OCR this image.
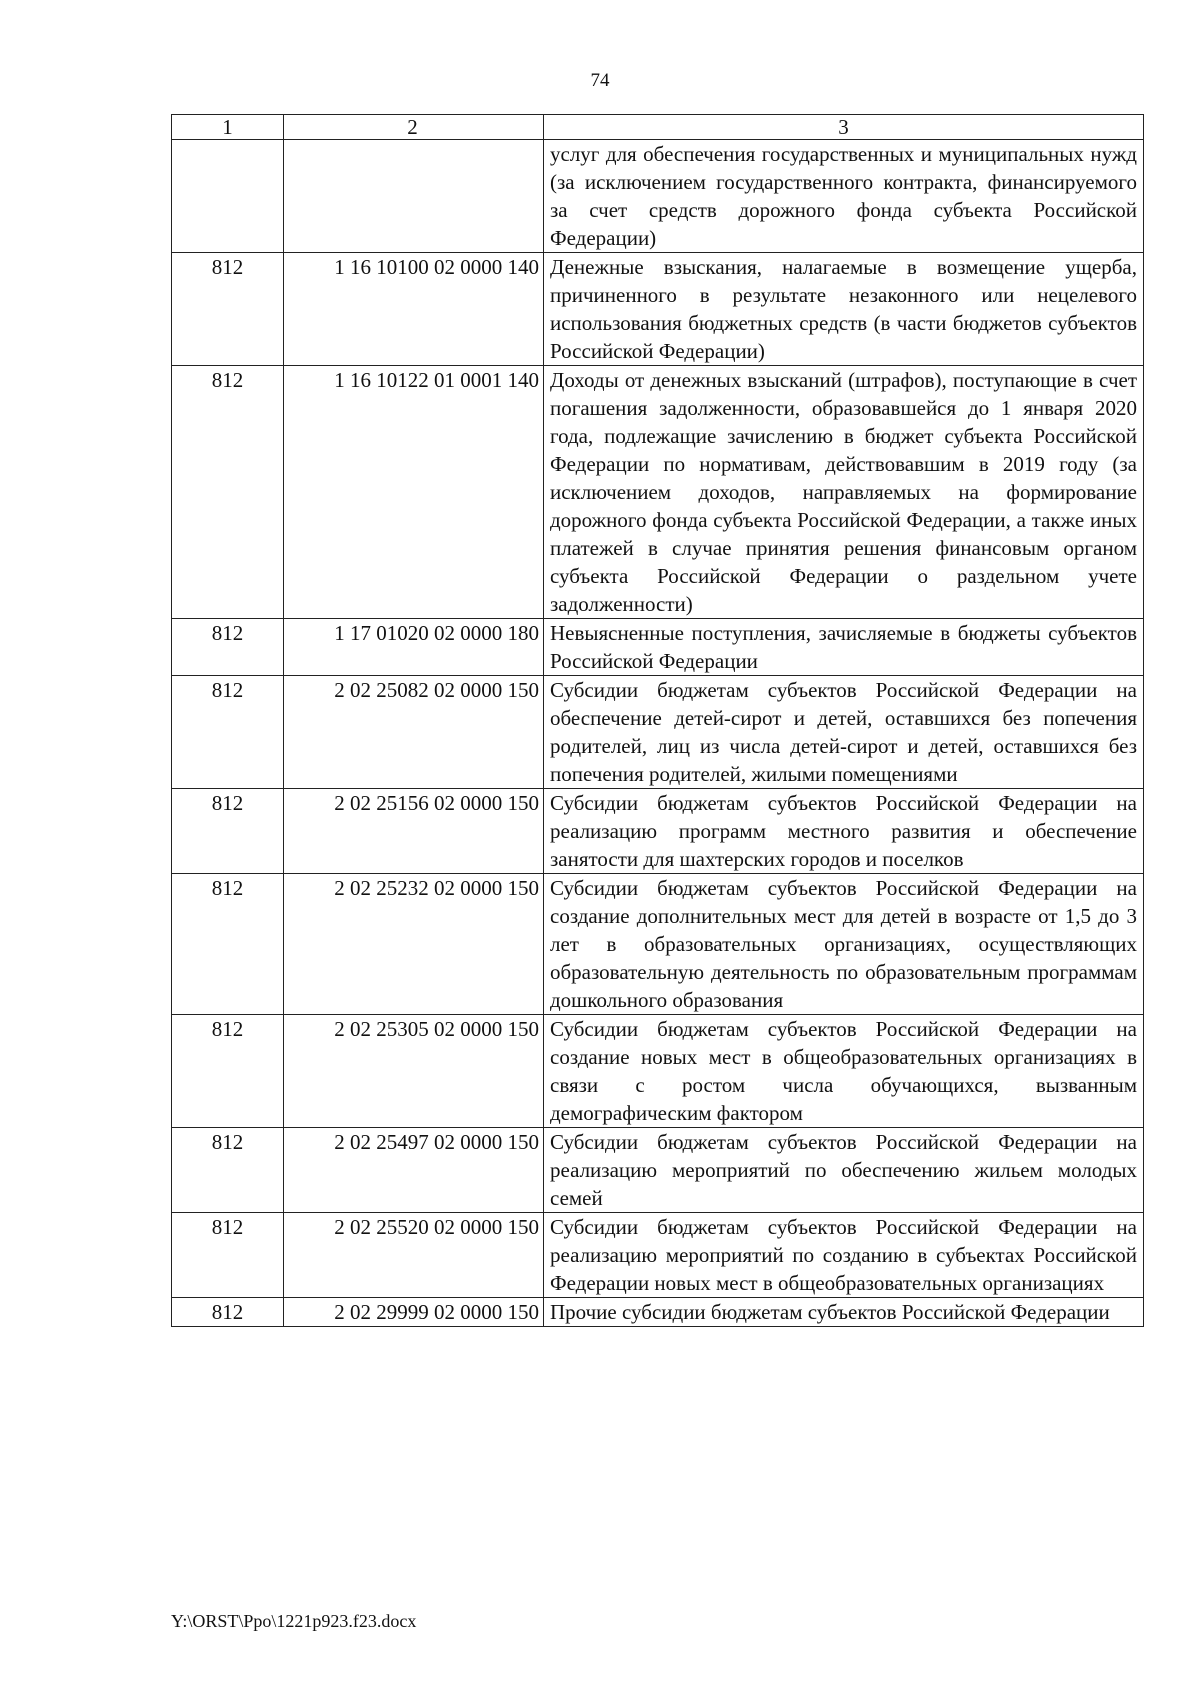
74
1	2	3
		услуг для обеспечения государственных и муниципальных нужд (за исключением государственного контракта, финансируемого за счет средств дорожного фонда субъекта Российской Федерации)
812	1 16 10100 02 0000 140	Денежные взыскания, налагаемые в возмещение ущерба, причиненного в результате незаконного или нецелевого использования бюджетных средств (в части бюджетов субъектов Российской Федерации)
812	1 16 10122 01 0001 140	Доходы от денежных взысканий (штрафов), поступающие в счет погашения задолженности, образовавшейся до 1 января 2020 года, подлежащие зачислению в бюджет субъекта Российской Федерации по нормативам, действовавшим в 2019 году (за исключением доходов, направляемых на формирование дорожного фонда субъекта Российской Федерации, а также иных платежей в случае принятия решения финансовым органом субъекта Российской Федерации о раздельном учете задолженности)
812	1 17 01020 02 0000 180	Невыясненные поступления, зачисляемые в бюджеты субъектов Российской Федерации
812	2 02 25082 02 0000 150	Субсидии бюджетам субъектов Российской Федерации на обеспечение детей-сирот и детей, оставшихся без попечения родителей, лиц из числа детей-сирот и детей, оставшихся без попечения родителей, жилыми помещениями
812	2 02 25156 02 0000 150	Субсидии бюджетам субъектов Российской Федерации на реализацию программ местного развития и обеспечение занятости для шахтерских городов и поселков
812	2 02 25232 02 0000 150	Субсидии бюджетам субъектов Российской Федерации на создание дополнительных мест для детей в возрасте от 1,5 до 3 лет в образовательных организациях, осуществляющих образовательную деятельность по образовательным программам дошкольного образования
812	2 02 25305 02 0000 150	Субсидии бюджетам субъектов Российской Федерации на создание новых мест в общеобразовательных организациях в связи с ростом числа обучающихся, вызванным демографическим фактором
812	2 02 25497 02 0000 150	Субсидии бюджетам субъектов Российской Федерации на реализацию мероприятий по обеспечению жильем молодых семей
812	2 02 25520 02 0000 150	Субсидии бюджетам субъектов Российской Федерации на реализацию мероприятий по созданию в субъектах Российской Федерации новых мест в общеобразовательных организациях
812	2 02 29999 02 0000 150	Прочие субсидии бюджетам субъектов Российской Федерации
Y:\ORST\Ppo\1221p923.f23.docx
